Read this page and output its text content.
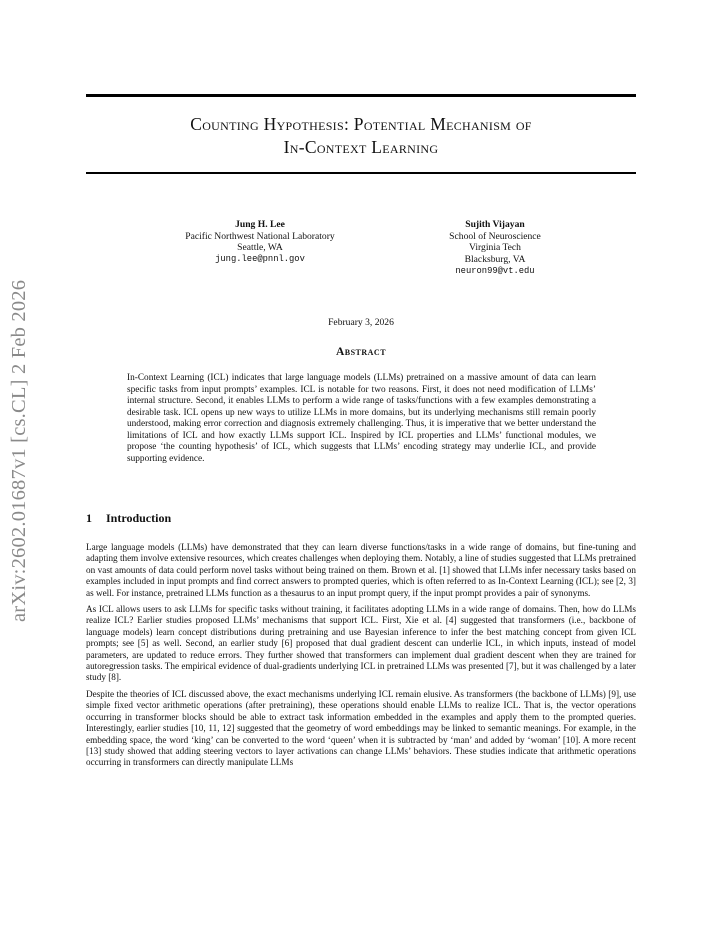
arXiv:2602.01687v1 [cs.CL] 2 Feb 2026
Counting Hypothesis: Potential Mechanism of
In-Context Learning
Jung H. Lee
Pacific Northwest National Laboratory
Seattle, WA
jung.lee@pnnl.gov
Sujith Vijayan
School of Neuroscience
Virginia Tech
Blacksburg, VA
neuron99@vt.edu
February 3, 2026
Abstract
In-Context Learning (ICL) indicates that large language models (LLMs) pretrained on a massive amount of data can learn specific tasks from input prompts’ examples. ICL is notable for two reasons. First, it does not need modification of LLMs’ internal structure. Second, it enables LLMs to perform a wide range of tasks/functions with a few examples demonstrating a desirable task. ICL opens up new ways to utilize LLMs in more domains, but its underlying mechanisms still remain poorly understood, making error correction and diagnosis extremely challenging. Thus, it is imperative that we better understand the limitations of ICL and how exactly LLMs support ICL. Inspired by ICL properties and LLMs’ functional modules, we propose ‘the counting hypothesis’ of ICL, which suggests that LLMs’ encoding strategy may underlie ICL, and provide supporting evidence.
1 Introduction

Large language models (LLMs) have demonstrated that they can learn diverse functions/tasks in a wide range of domains, but fine-tuning and adapting them involve extensive resources, which creates challenges when deploying them. Notably, a line of studies suggested that LLMs pretrained on vast amounts of data could perform novel tasks without being trained on them. Brown et al. [1] showed that LLMs infer necessary tasks based on examples included in input prompts and find correct answers to prompted queries, which is often referred to as In-Context Learning (ICL); see [2, 3] as well. For instance, pretrained LLMs function as a thesaurus to an input prompt query, if the input prompt provides a pair of synonyms.

As ICL allows users to ask LLMs for specific tasks without training, it facilitates adopting LLMs in a wide range of domains. Then, how do LLMs realize ICL? Earlier studies proposed LLMs’ mechanisms that support ICL. First, Xie et al. [4] suggested that transformers (i.e., backbone of language models) learn concept distributions during pretraining and use Bayesian inference to infer the best matching concept from given ICL prompts; see [5] as well. Second, an earlier study [6] proposed that dual gradient descent can underlie ICL, in which inputs, instead of model parameters, are updated to reduce errors. They further showed that transformers can implement dual gradient descent when they are trained for autoregression tasks. The empirical evidence of dual-gradients underlying ICL in pretrained LLMs was presented [7], but it was challenged by a later study [8].

Despite the theories of ICL discussed above, the exact mechanisms underlying ICL remain elusive. As transformers (the backbone of LLMs) [9], use simple fixed vector arithmetic operations (after pretraining), these operations should enable LLMs to realize ICL. That is, the vector operations occurring in transformer blocks should be able to extract task information embedded in the examples and apply them to the prompted queries. Interestingly, earlier studies [10, 11, 12] suggested that the geometry of word embeddings may be linked to semantic meanings. For example, in the embedding space, the word ‘king’ can be converted to the word ‘queen’ when it is subtracted by ‘man’ and added by ‘woman’ [10]. A more recent [13] study showed that adding steering vectors to layer activations can change LLMs’ behaviors. These studies indicate that arithmetic operations occurring in transformers can directly manipulate LLMs
